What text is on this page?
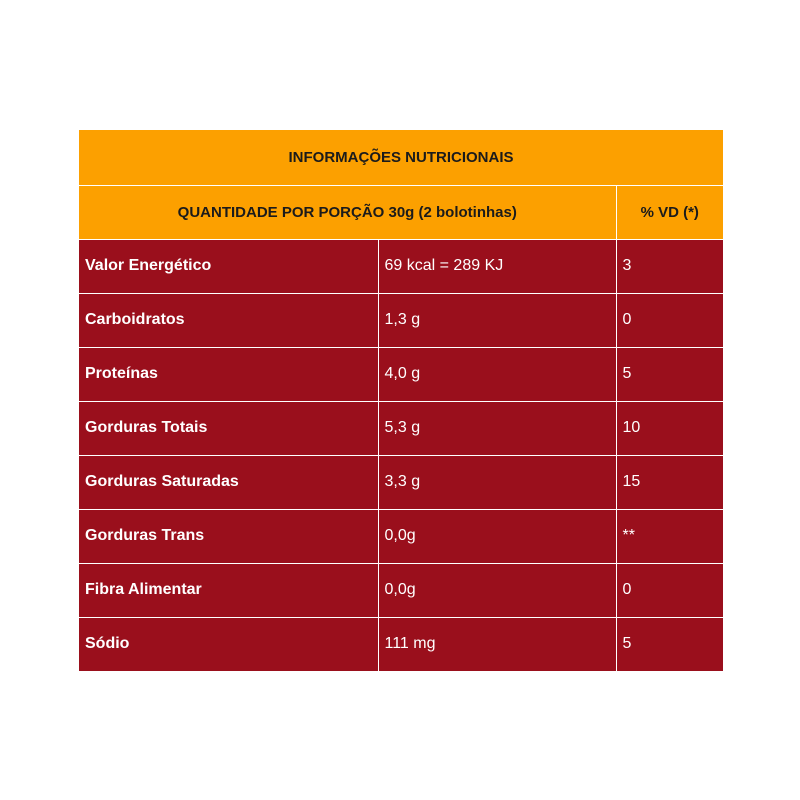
INFORMAÇÕES NUTRICIONAIS		
QUANTIDADE POR PORÇÃO 30g (2 bolotinhas)		% VD (*)
Valor Energético	69 kcal = 289 KJ	3
Carboidratos	1,3 g	0
Proteínas	4,0 g	5
Gorduras Totais	5,3 g	10
Gorduras Saturadas	3,3 g	15
Gorduras Trans	0,0g	**
Fibra Alimentar	0,0g	0
Sódio	111 mg	5
